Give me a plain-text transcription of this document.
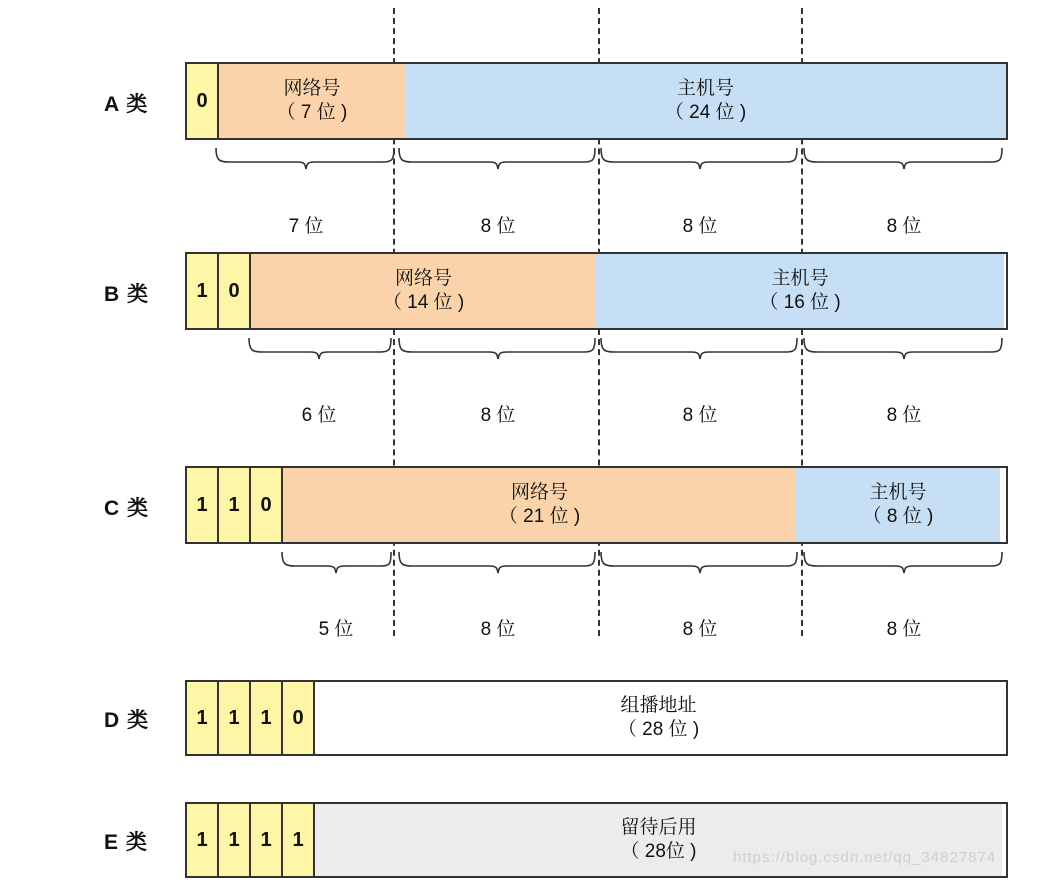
A 类	0
网络号
（ 7 位 )
主机号
（ 24 位 )
7 位	8 位	8 位	8 位
B 类	1	0
网络号
（ 14 位 )
主机号
（ 16 位 )
6 位	8 位	8 位	8 位
C 类	1	1	0
网络号
（ 21 位 )
主机号
（ 8 位 )
5 位	8 位	8 位	8 位
D 类	1	1	1	0
组播地址
（ 28 位 )
E 类	1	1	1	1
留待后用
（ 28位 ) https://blog.csdn.net/qq_34827874
